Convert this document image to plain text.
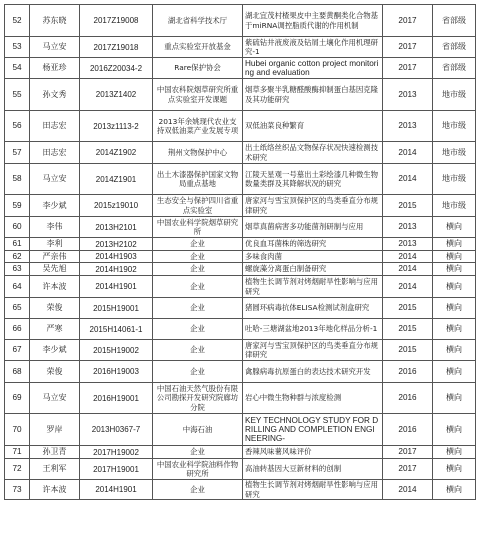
52	苏东晓	2017Z19008	湖北省科学技术厅	湖北宜茂村楂果皮中主要黄酮类化合物基于miRNA调控脂质代谢的作用机制	2017	省部级
53	马立安	2017Z19018	重点实验室开放基金	紫硫钻井液废液及钻屑土壤化作用机理研究-1	2017	省部级
54	杨亚珍	2016Z20034-2	Rare保护协会	Hubei organic cotton project monitoring and evaluation	2017	省部级
55	孙文秀	2013Z1402	中国农科院烟草研究所重点实验室开发课题	烟草多聚半乳糖醛酸酶抑制蛋白基因克隆及其功能研究	2013	地市级
56	田志宏	2013z1113-2	2013年余姚现代农业支持双低油菜产业发展专项	双低油菜良种繁育	2013	地市级
57	田志宏	2014Z1902	荆州文物保护中心	出土纸络丝织品文物保存状况快速检测技术研究	2014	地市级
58	马立安	2014Z1901	出土木漆器保护国家文物局重点基地	江陵天星观一号墓出土彩绘漆几种微生物数量类群及其降解状况的研究	2014	地市级
59	李少斌	2015z19010	生态安全与保护四川省重点实验室	唐家河与雪宝顶保护区的鸟类垂直分布规律研究	2015	地市级
60	李伟	2013H2101	中国农业科学院烟草研究所	烟草真菌病害多功能菌剂研制与应用	2013	横向
61	李利	2013H2102	企业	优良血耳菌株的筛选研究	2013	横向
62	严亲伟	2014H1903	企业	多味食肉菌	2014	横向
63	吴先旭	2014H1902	企业	螺旋藻分离蛋白制备研究	2014	横向
64	许本波	2014H1901	企业	植物生长调节剂对烤烟耐旱性影响与应用研究	2014	横向
65	荣俊	2015H19001	企业	猪圆环病毒抗体ELISA检测试剂盒研究	2015	横向
66	严寒	2015H14061-1	企业	吐哈-三塘湖盆地2013年地化样品分析-1	2015	横向
67	李少斌	2015H19002	企业	唐家河与雪宝顶保护区的鸟类垂直分布规律研究	2015	横向
68	荣俊	2016H19003	企业	禽腺病毒抗原蛋白的表达技术研究开发	2016	横向
69	马立安	2016H19001	中国石油天然气股份有限公司勘探开发研究院廊坊分院	岩心中微生物种群与浓度检测	2016	横向
70	罗岸	2013H0367-7	中海石油	KEY TECHNOLOGY STUDY FOR DRILLING AND COMPLETION ENGINEERING-	2016	横向
71	孙卫青	2017H19002	企业	香辣风味薯风味评价	2017	横向
72	王利军	2017H19001	中国农业科学院油料作物研究所	高油转基因大豆新材料的创制	2017	横向
73	许本波	2014H1901	企业	植物生长调节剂对烤烟耐旱性影响与应用研究	2014	横向
